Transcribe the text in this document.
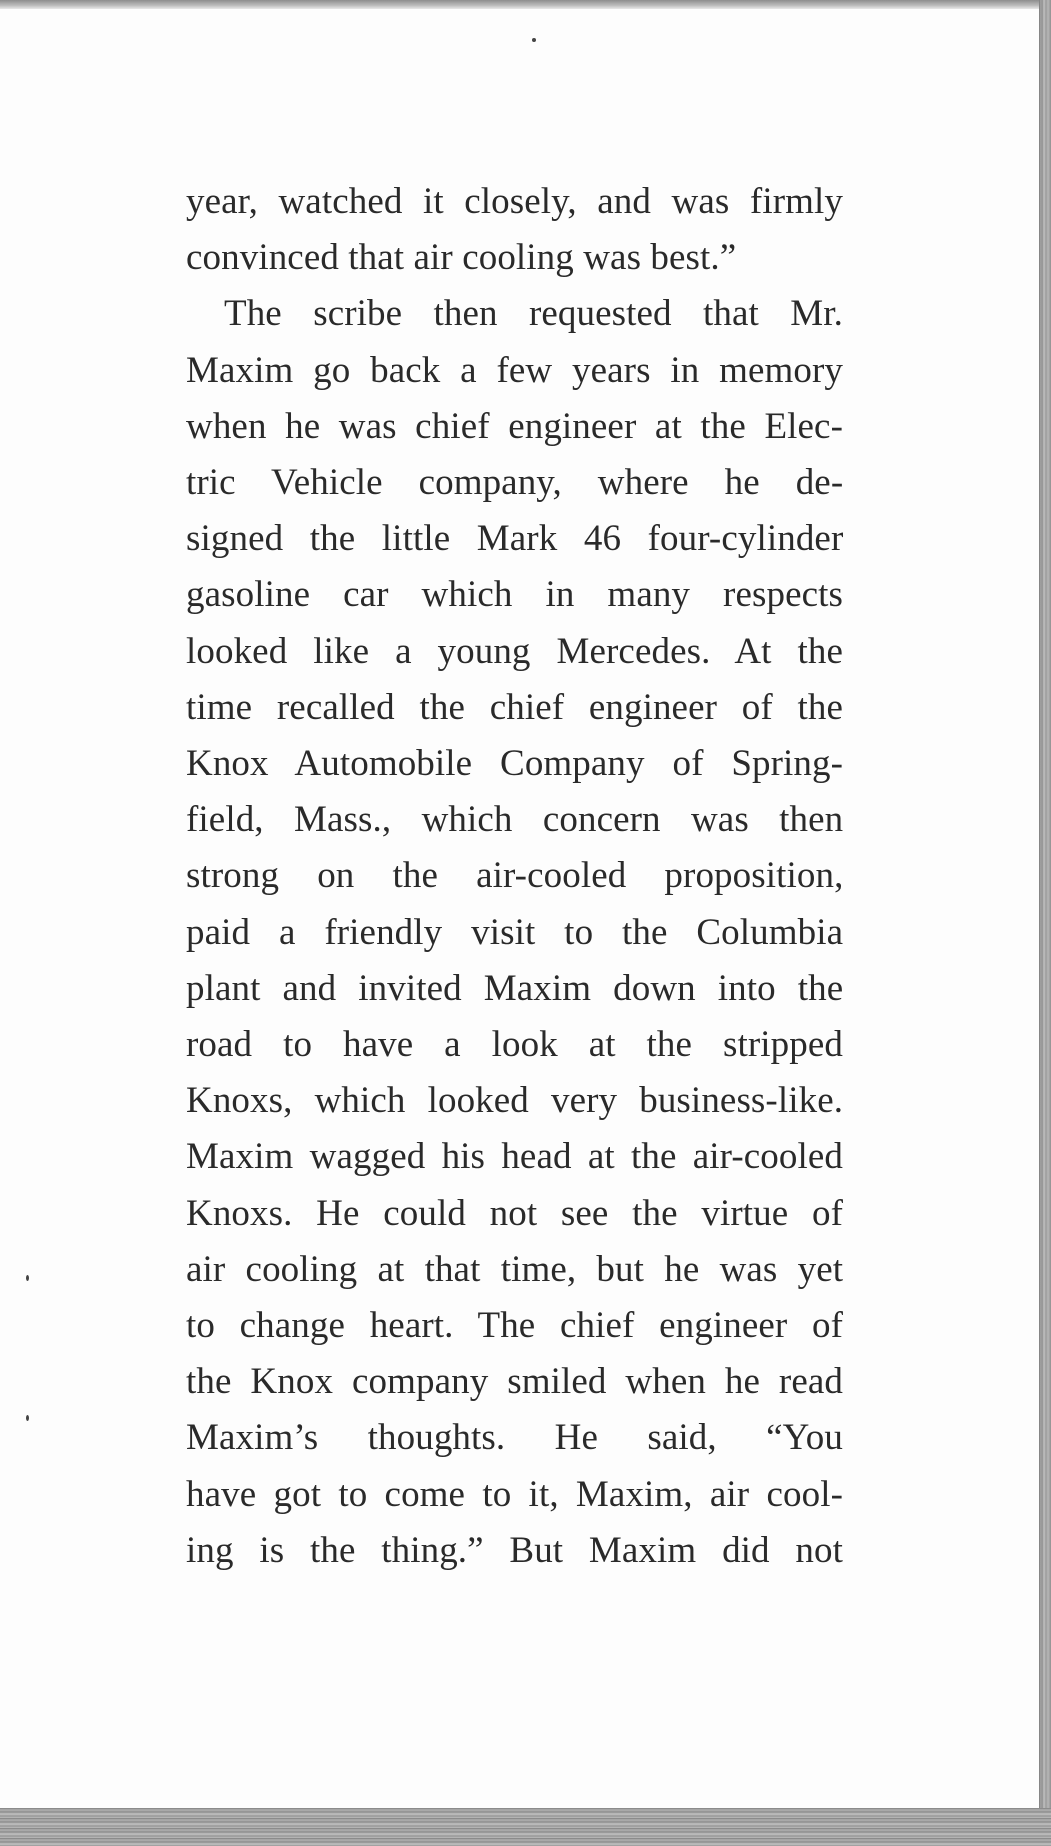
year, watched it closely, and was firmly
convinced that air cooling was best.”

The scribe then requested that Mr.
Maxim go back a few years in memory
when he was chief engineer at the Elec-
tric Vehicle company, where he de-
signed the little Mark 46 four-cylinder
gasoline car which in many respects
looked like a young Mercedes. At the
time recalled the chief engineer of the
Knox Automobile Company of Spring-
field, Mass., which concern was then
strong on the air-cooled proposition,
paid a friendly visit to the Columbia
plant and invited Maxim down into the
road to have a look at the stripped
Knoxs, which looked very business-like.
Maxim wagged his head at the air-cooled
Knoxs. He could not see the virtue of
air cooling at that time, but he was yet
to change heart. The chief engineer of
the Knox company smiled when he read
Maxim’s thoughts. He said, “You
have got to come to it, Maxim, air cool-
ing is the thing.” But Maxim did not
